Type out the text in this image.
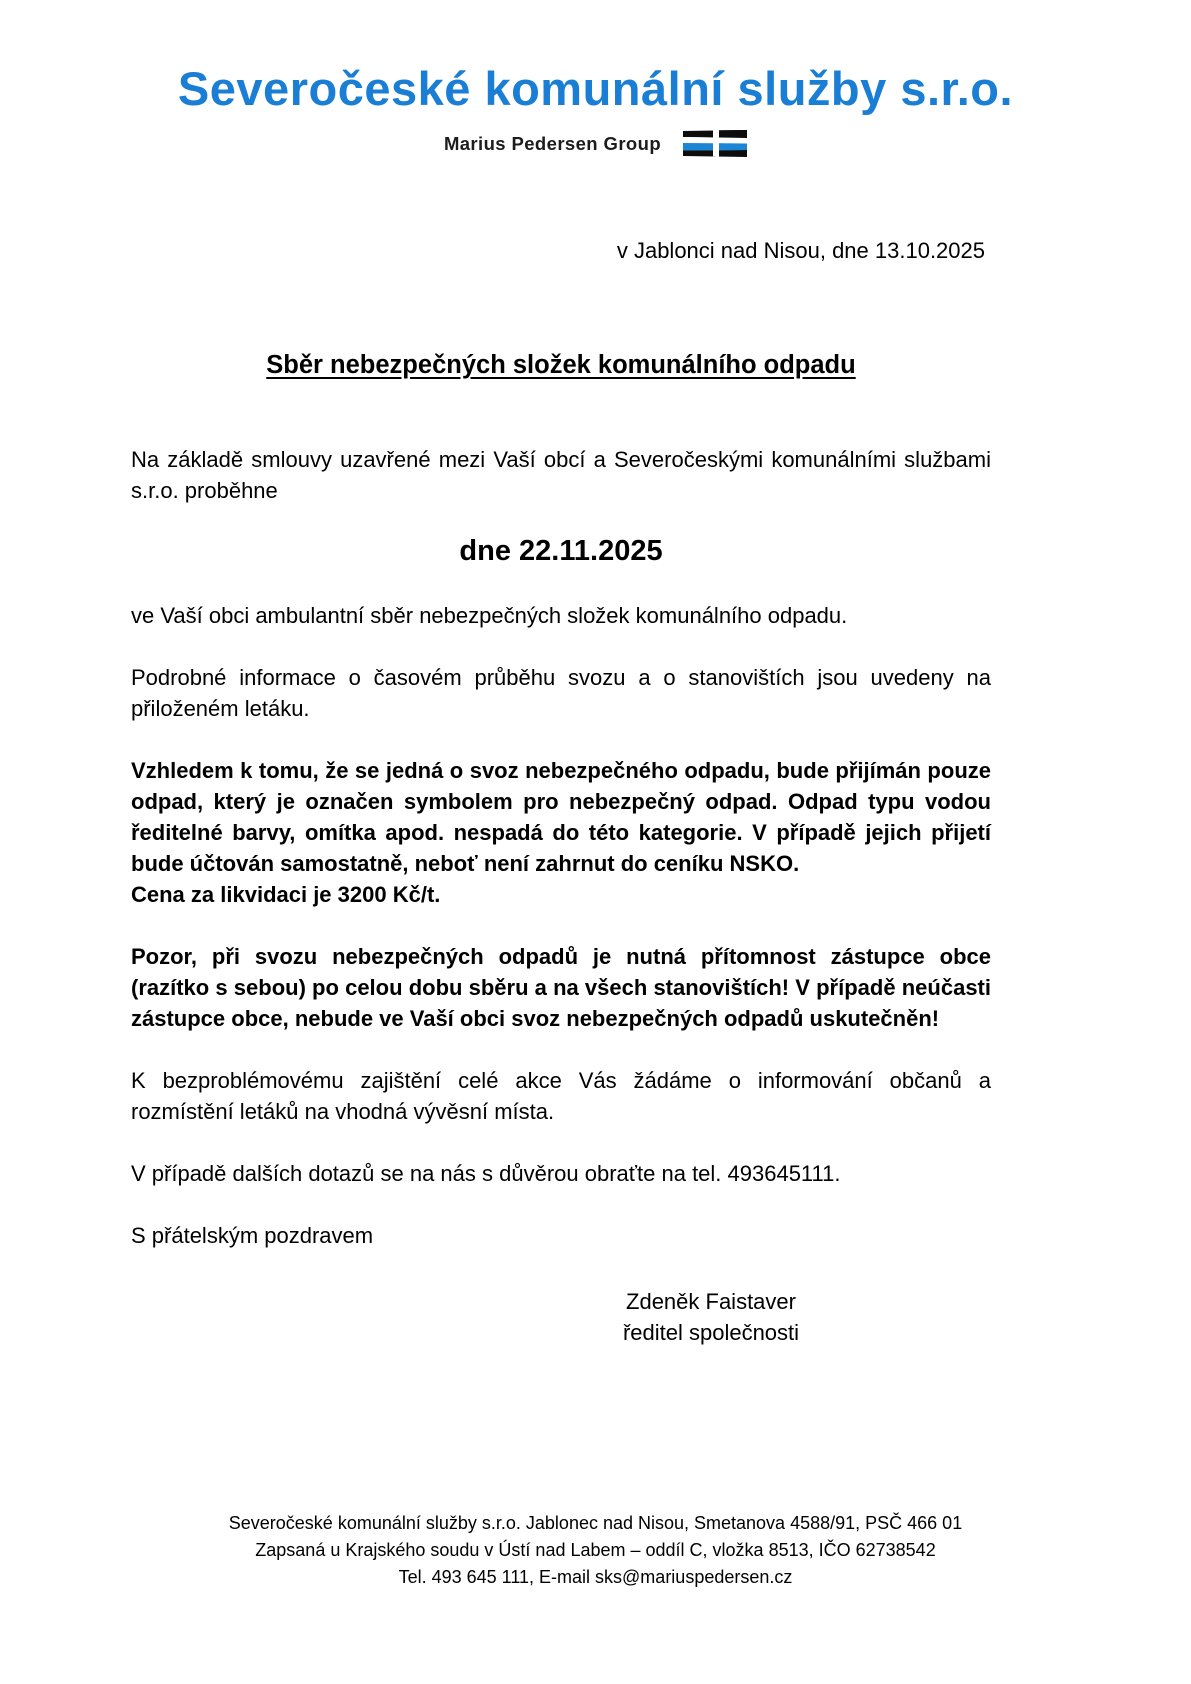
Severočeské komunální služby s.r.o.
Marius Pedersen Group
v Jablonci nad Nisou, dne 13.10.2025
Sběr nebezpečných složek komunálního odpadu

Na základě smlouvy uzavřené mezi Vaší obcí a Severočeskými komunálními službami s.r.o. proběhne

dne 22.11.2025

ve Vaší obci ambulantní sběr nebezpečných složek komunálního odpadu.

Podrobné informace o časovém průběhu svozu a o stanovištích jsou uvedeny na přiloženém letáku.

Vzhledem k tomu, že se jedná o svoz nebezpečného odpadu, bude přijímán pouze odpad, který je označen symbolem pro nebezpečný odpad. Odpad typu vodou ředitelné barvy, omítka apod. nespadá do této kategorie. V případě jejich přijetí bude účtován samostatně, neboť není zahrnut do ceníku NSKO.

Cena za likvidaci je 3200 Kč/t.

Pozor, při svozu nebezpečných odpadů je nutná přítomnost zástupce obce (razítko s sebou) po celou dobu sběru a na všech stanovištích! V případě neúčasti zástupce obce, nebude ve Vaší obci svoz nebezpečných odpadů uskutečněn!

K bezproblémovému zajištění celé akce Vás žádáme o informování občanů a rozmístění letáků na vhodná vývěsní místa.

V případě dalších dotazů se na nás s důvěrou obraťte na tel. 493645111.

S přátelským pozdravem

Zdeněk Faistaver
ředitel společnosti
Severočeské komunální služby s.r.o. Jablonec nad Nisou, Smetanova 4588/91, PSČ 466 01
Zapsaná u Krajského soudu v Ústí nad Labem – oddíl C, vložka 8513, IČO 62738542
Tel. 493 645 111, E-mail sks@mariuspedersen.cz
